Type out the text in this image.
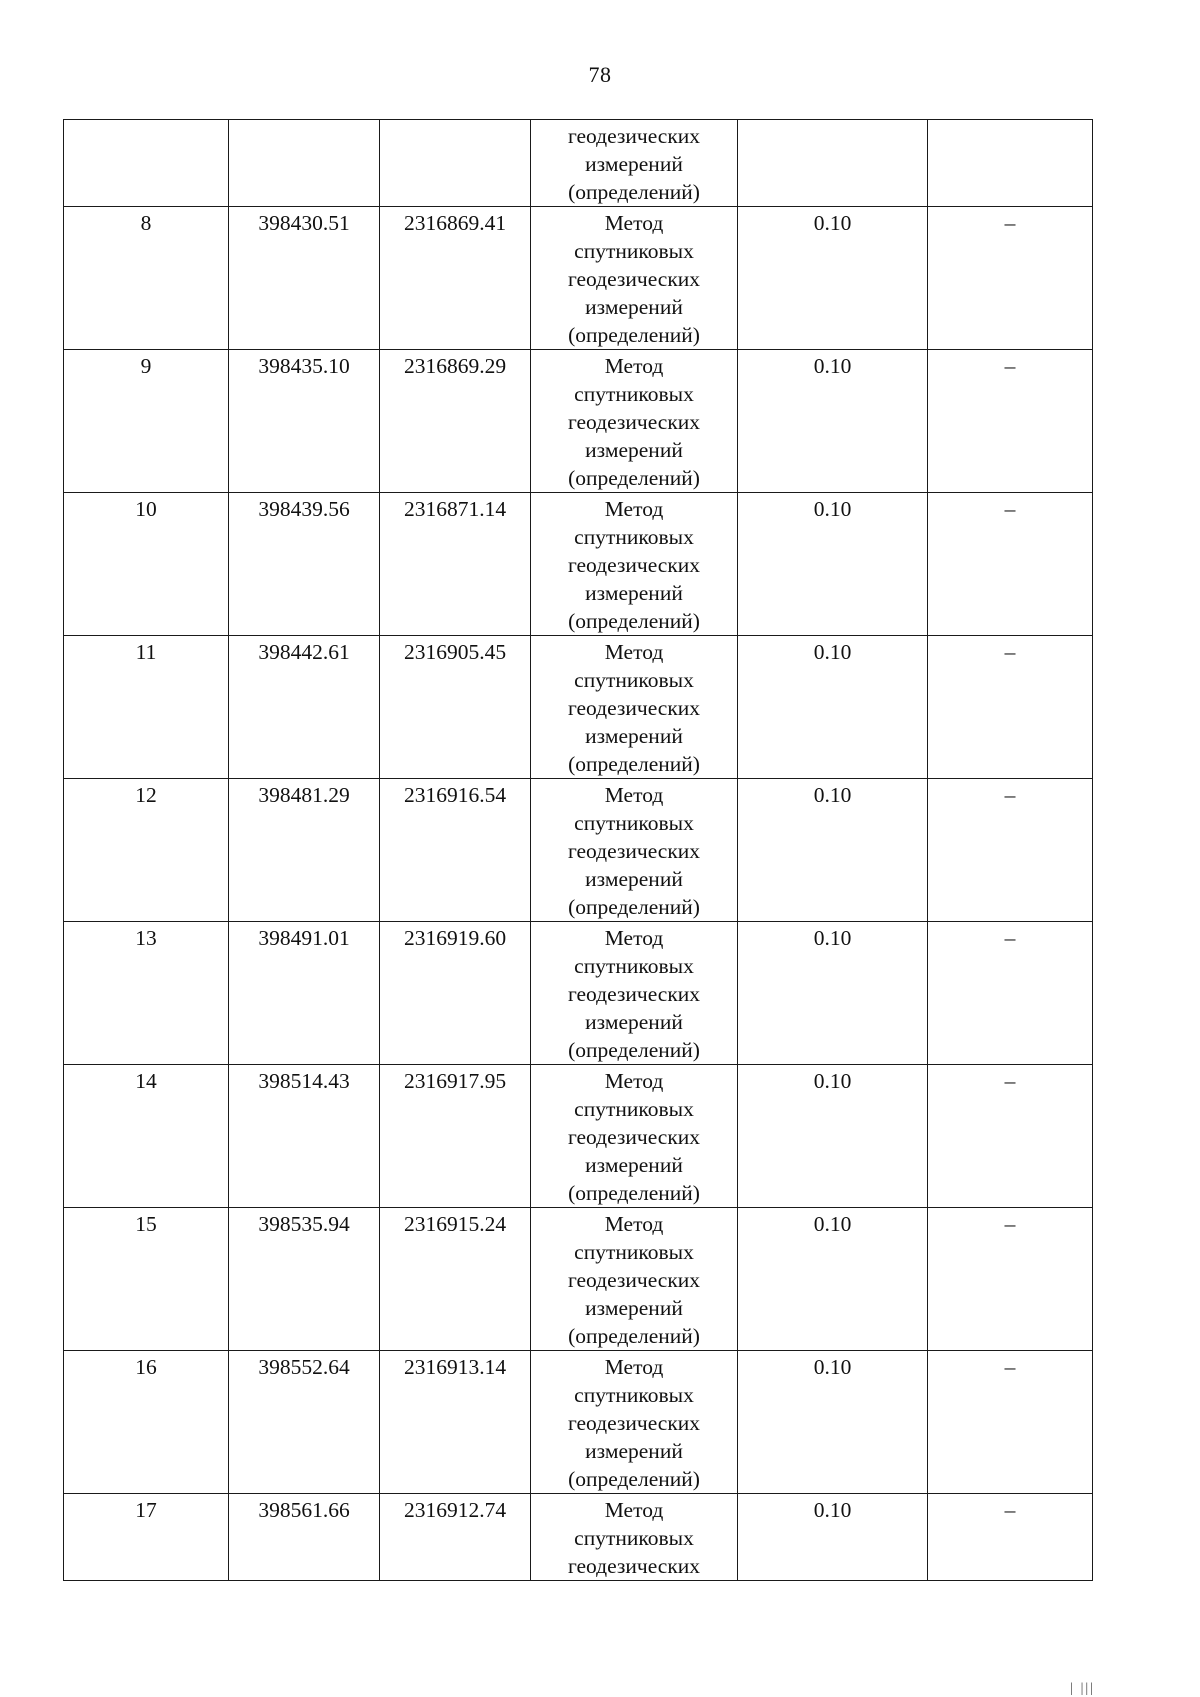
78
			геодезических
измерений
(определений)		
8	398430.51	2316869.41	Метод
спутниковых
геодезических
измерений
(определений)	0.10	–
9	398435.10	2316869.29	Метод
спутниковых
геодезических
измерений
(определений)	0.10	–
10	398439.56	2316871.14	Метод
спутниковых
геодезических
измерений
(определений)	0.10	–
11	398442.61	2316905.45	Метод
спутниковых
геодезических
измерений
(определений)	0.10	–
12	398481.29	2316916.54	Метод
спутниковых
геодезических
измерений
(определений)	0.10	–
13	398491.01	2316919.60	Метод
спутниковых
геодезических
измерений
(определений)	0.10	–
14	398514.43	2316917.95	Метод
спутниковых
геодезических
измерений
(определений)	0.10	–
15	398535.94	2316915.24	Метод
спутниковых
геодезических
измерений
(определений)	0.10	–
16	398552.64	2316913.14	Метод
спутниковых
геодезических
измерений
(определений)	0.10	–
17	398561.66	2316912.74	Метод
спутниковых
геодезических	0.10	–
| |||
